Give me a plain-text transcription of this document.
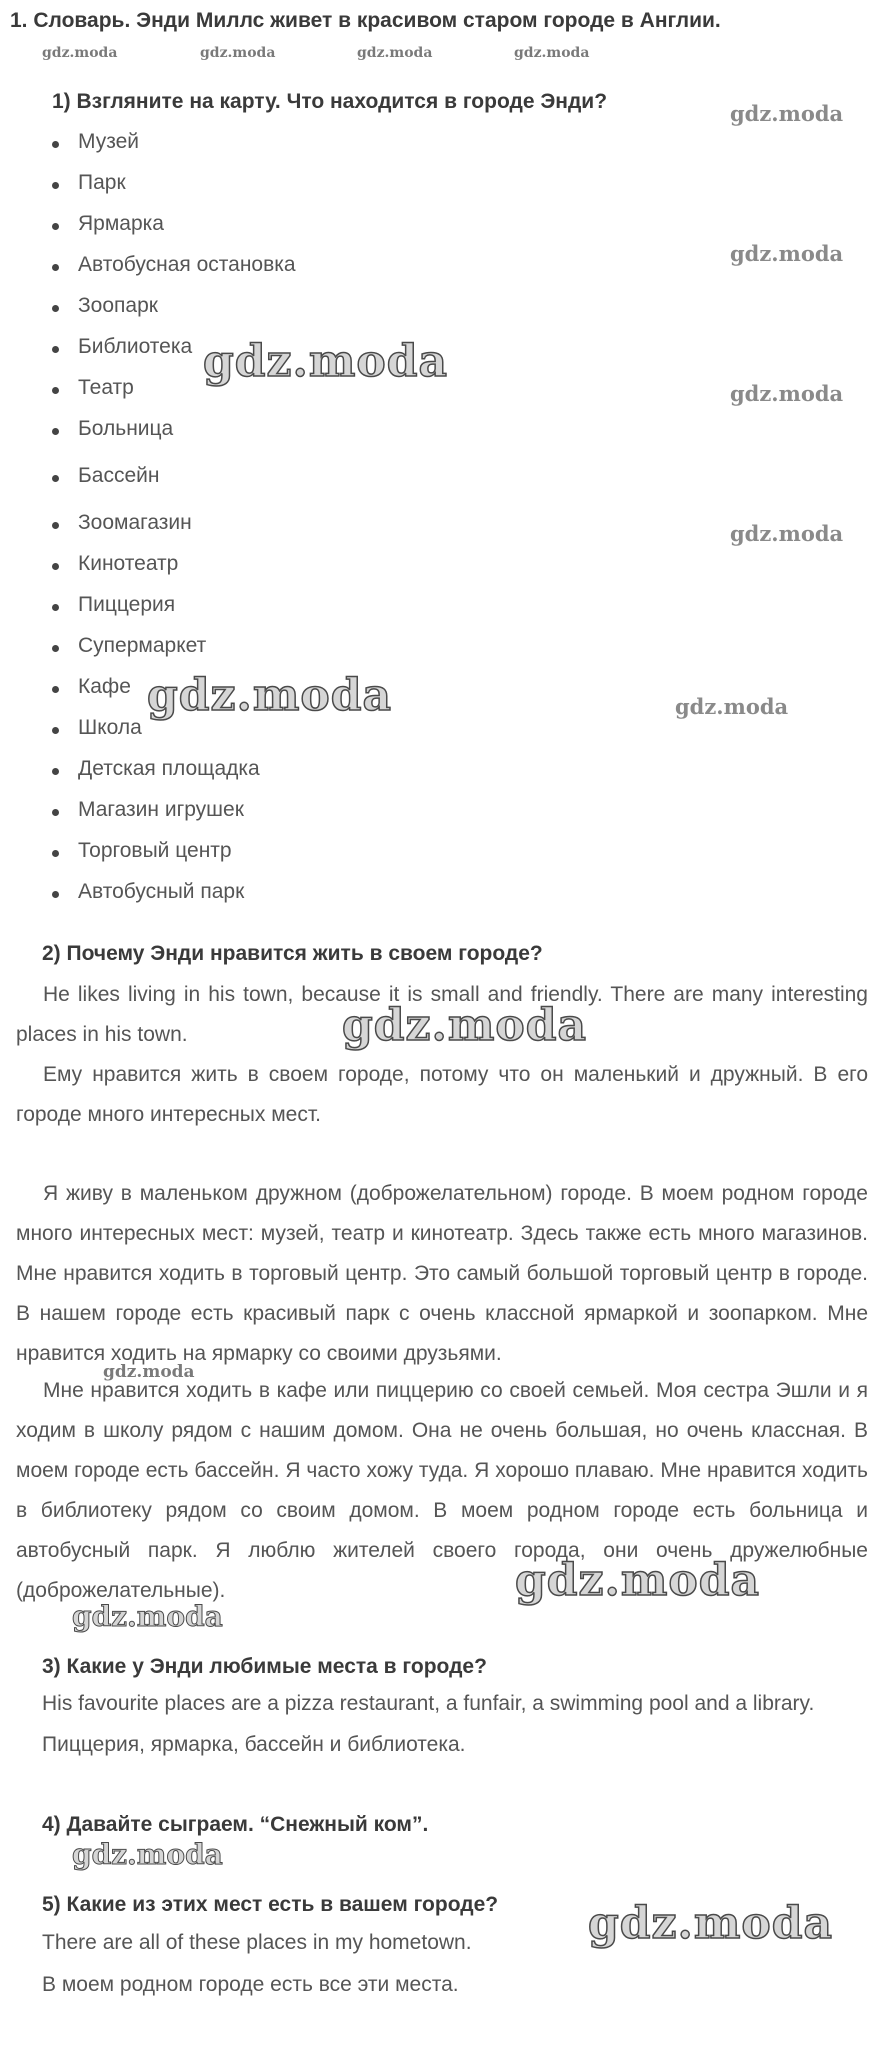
1. Словарь. Энди Миллс живет в красивом старом городе в Англии.
gdz.moda	gdz.moda	gdz.moda	gdz.moda
1) Взгляните на карту. Что находится в городе Энди?
Музей
Парк
Ярмарка
Автобусная остановка
Зоопарк
Библиотека
Театр
Больница
Бассейн
Зоомагазин
Кинотеатр
Пиццерия
Супермаркет
Кафе
Школа
Детская площадка
Магазин игрушек
Торговый центр
Автобусный парк
gdz.moda
gdz.moda
gdz.moda
gdz.moda
gdz.moda
gdz.moda
gdz.moda
2) Почему Энди нравится жить в своем городе?
He likes living in his town, because it is small and friendly. There are many interesting places in his town.
Ему нравится жить в своем городе, потому что он маленький и дружный. В его городе много интересных мест.
gdz.moda
Я живу в маленьком дружном (доброжелательном) городе. В моем родном городе много интересных мест: музей, театр и кинотеатр. Здесь также есть много магазинов. Мне нравится ходить в торговый центр. Это самый большой торговый центр в городе. В нашем городе есть красивый парк с очень классной ярмаркой и зоопарком. Мне нравится ходить на ярмарку со своими друзьями.
Мне нравится ходить в кафе или пиццерию со своей семьей. Моя сестра Эшли и я ходим в школу рядом с нашим домом. Она не очень большая, но очень классная. В моем городе есть бассейн. Я часто хожу туда. Я хорошо плаваю. Мне нравится ходить в библиотеку рядом со своим домом. В моем родном городе есть больница и автобусный парк. Я люблю жителей своего города, они очень дружелюбные (доброжелательные).
gdz.moda
gdz.moda
gdz.moda
3) Какие у Энди любимые места в городе?
His favourite places are a pizza restaurant, a funfair, a swimming pool and a library.
Пиццерия, ярмарка, бассейн и библиотека.
4) Давайте сыграем. “Снежный ком”.
gdz.moda
5) Какие из этих мест есть в вашем городе?
There are all of these places in my hometown.
В моем родном городе есть все эти места.
gdz.moda
